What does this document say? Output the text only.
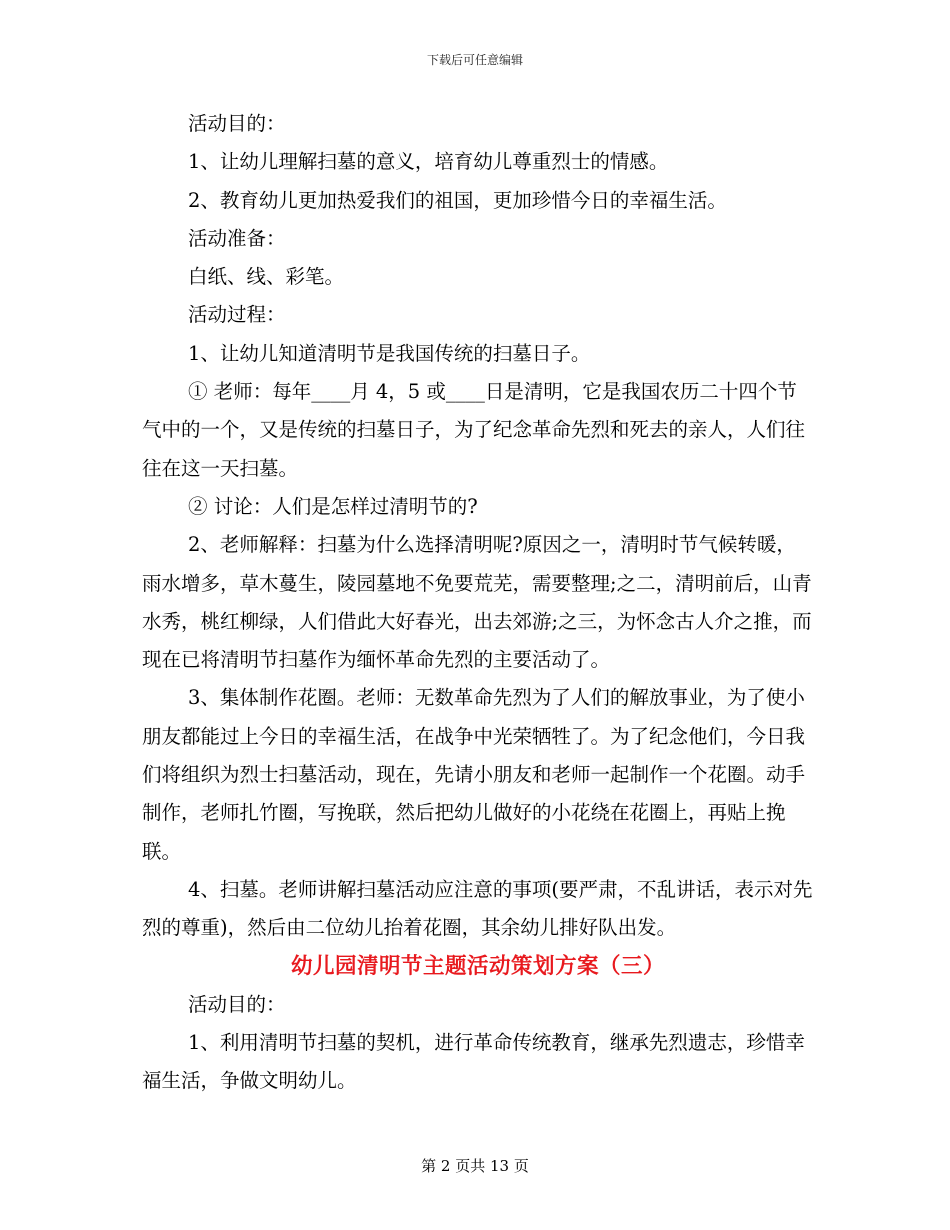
下载后可任意编辑

活动目的：

1、让幼儿理解扫墓的意义，培育幼儿尊重烈士的情感。

2、教育幼儿更加热爱我们的祖国，更加珍惜今日的幸福生活。

活动准备：

白纸、线、彩笔。

活动过程：

1、让幼儿知道清明节是我国传统的扫墓日子。

① 老师：每年____月 4，5 或____日是清明，它是我国农历二十四个节气中的一个，又是传统的扫墓日子，为了纪念革命先烈和死去的亲人，人们往往在这一天扫墓。

② 讨论：人们是怎样过清明节的?

2、老师解释：扫墓为什么选择清明呢?原因之一，清明时节气候转暖，雨水增多，草木蔓生，陵园墓地不免要荒芜，需要整理;之二，清明前后，山青水秀，桃红柳绿，人们借此大好春光，出去郊游;之三，为怀念古人介之推，而现在已将清明节扫墓作为缅怀革命先烈的主要活动了。

3、集体制作花圈。老师：无数革命先烈为了人们的解放事业，为了使小朋友都能过上今日的幸福生活，在战争中光荣牺牲了。为了纪念他们，今日我们将组织为烈士扫墓活动，现在，先请小朋友和老师一起制作一个花圈。动手制作，老师扎竹圈，写挽联，然后把幼儿做好的小花绕在花圈上，再贴上挽联。

4、扫墓。老师讲解扫墓活动应注意的事项(要严肃，不乱讲话，表示对先烈的尊重)，然后由二位幼儿抬着花圈，其余幼儿排好队出发。

幼儿园清明节主题活动策划方案（三）

活动目的：

1、利用清明节扫墓的契机，进行革命传统教育，继承先烈遗志，珍惜幸福生活，争做文明幼儿。

第 2 页共 13 页
